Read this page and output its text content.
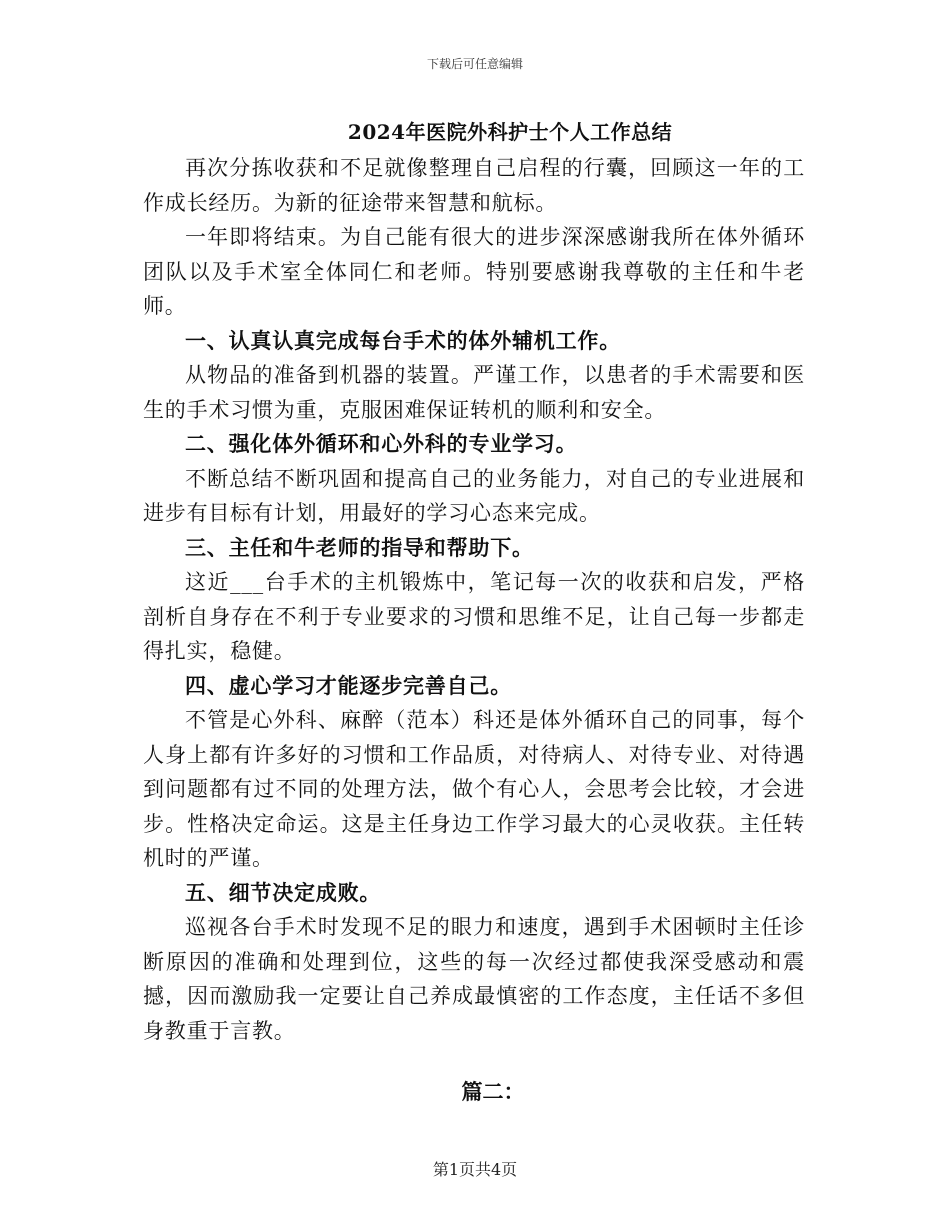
下载后可任意编辑
2024年医院外科护士个人工作总结

再次分拣收获和不足就像整理自己启程的行囊，回顾这一年的工作成长经历。为新的征途带来智慧和航标。

一年即将结束。为自己能有很大的进步深深感谢我所在体外循环团队以及手术室全体同仁和老师。特别要感谢我尊敬的主任和牛老师。

一、认真认真完成每台手术的体外辅机工作。

从物品的准备到机器的装置。严谨工作，以患者的手术需要和医生的手术习惯为重，克服困难保证转机的顺利和安全。

二、强化体外循环和心外科的专业学习。

不断总结不断巩固和提高自己的业务能力，对自己的专业进展和进步有目标有计划，用最好的学习心态来完成。

三、主任和牛老师的指导和帮助下。

这近___台手术的主机锻炼中，笔记每一次的收获和启发，严格剖析自身存在不利于专业要求的习惯和思维不足，让自己每一步都走得扎实，稳健。

四、虚心学习才能逐步完善自己。

不管是心外科、麻醉（范本）科还是体外循环自己的同事，每个人身上都有许多好的习惯和工作品质，对待病人、对待专业、对待遇到问题都有过不同的处理方法，做个有心人，会思考会比较，才会进步。性格决定命运。这是主任身边工作学习最大的心灵收获。主任转机时的严谨。

五、细节决定成败。

巡视各台手术时发现不足的眼力和速度，遇到手术困顿时主任诊断原因的准确和处理到位，这些的每一次经过都使我深受感动和震撼，因而激励我一定要让自己养成最慎密的工作态度，主任话不多但身教重于言教。

篇二：
第1页共4页
